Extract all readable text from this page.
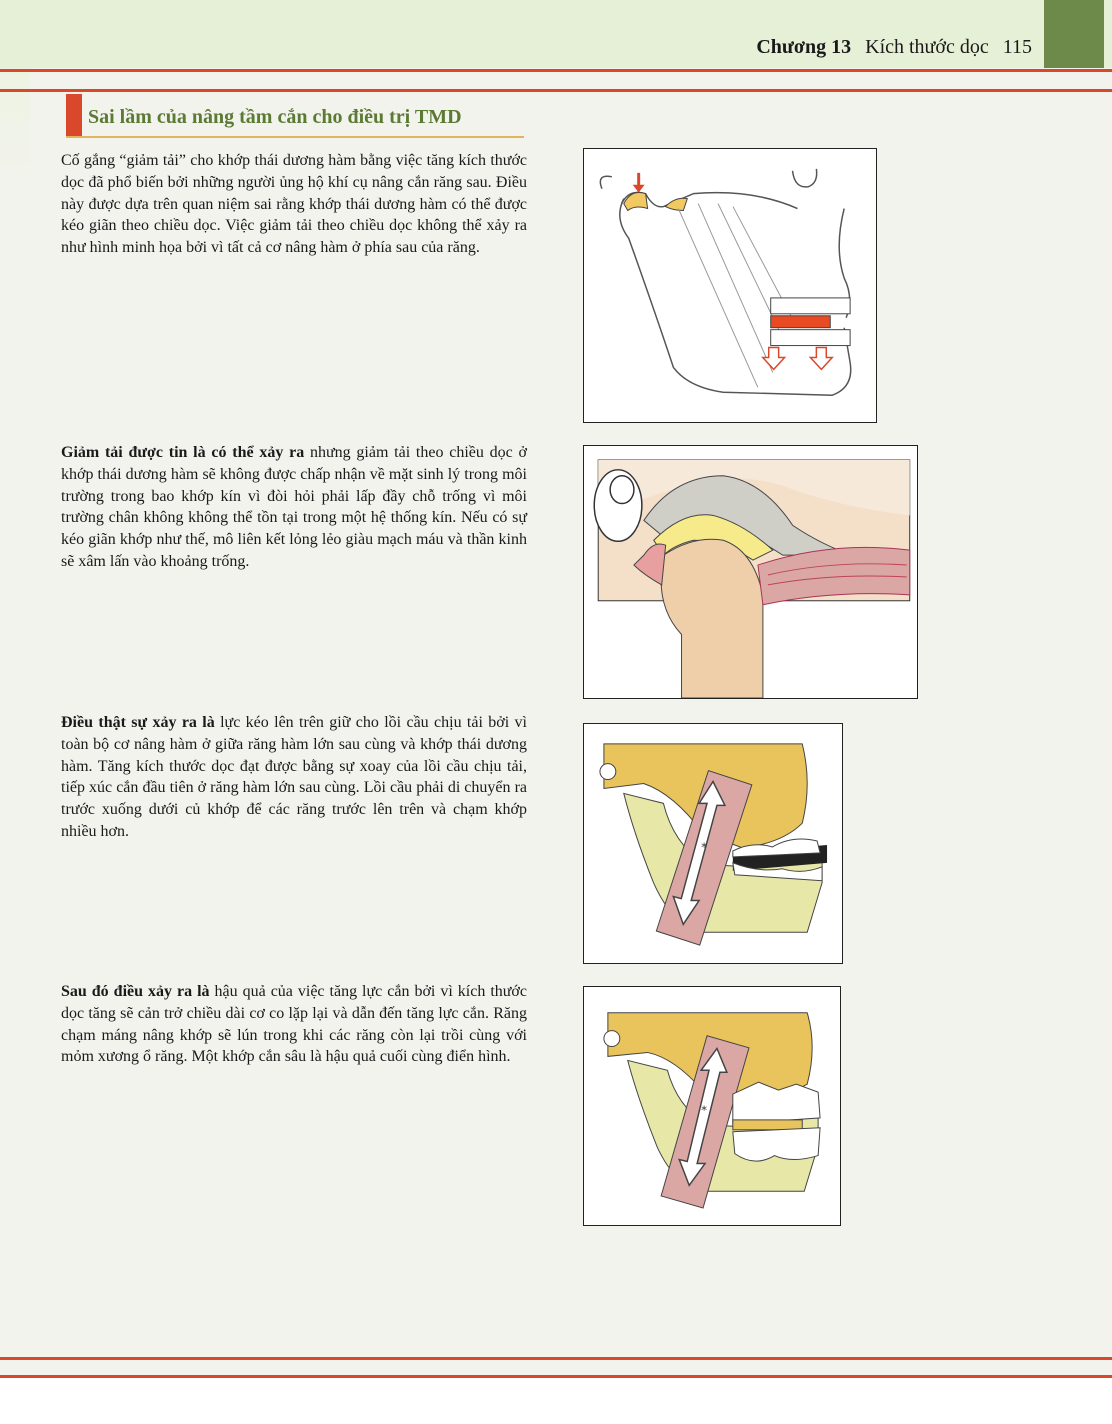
Chương 13 Kích thước dọc 115
Sai lầm của nâng tầm cắn cho điều trị TMD

Cố gắng “giảm tải” cho khớp thái dương hàm bằng việc tăng kích thước dọc đã phổ biến bởi những người ủng hộ khí cụ nâng cắn răng sau. Điều này được dựa trên quan niệm sai rằng khớp thái dương hàm có thể được kéo giãn theo chiều dọc. Việc giảm tải theo chiều dọc không thể xảy ra như hình minh họa bởi vì tất cả cơ nâng hàm ở phía sau của răng.

Giảm tải được tin là có thể xảy ra nhưng giảm tải theo chiều dọc ở khớp thái dương hàm sẽ không được chấp nhận về mặt sinh lý trong môi trường trong bao khớp kín vì đòi hỏi phải lấp đầy chỗ trống vì môi trường chân không không thể tồn tại trong một hệ thống kín. Nếu có sự kéo giãn khớp như thế, mô liên kết lỏng lẻo giàu mạch máu và thần kinh sẽ xâm lấn vào khoảng trống.

Điều thật sự xảy ra là lực kéo lên trên giữ cho lồi cầu chịu tải bởi vì toàn bộ cơ nâng hàm ở giữa răng hàm lớn sau cùng và khớp thái dương hàm. Tăng kích thước dọc đạt được bằng sự xoay của lồi cầu chịu tải, tiếp xúc cắn đầu tiên ở răng hàm lớn sau cùng. Lồi cầu phải di chuyển ra trước xuống dưới củ khớp để các răng trước lên trên và chạm khớp nhiều hơn.

Sau đó điều xảy ra là hậu quả của việc tăng lực cắn bởi vì kích thước dọc tăng sẽ cản trở chiều dài cơ co lặp lại và dẫn đến tăng lực cắn. Răng chạm máng nâng khớp sẽ lún trong khi các răng còn lại trồi cùng với mỏm xương ổ răng. Một khớp cắn sâu là hậu quả cuối cùng điển hình.

*
*
